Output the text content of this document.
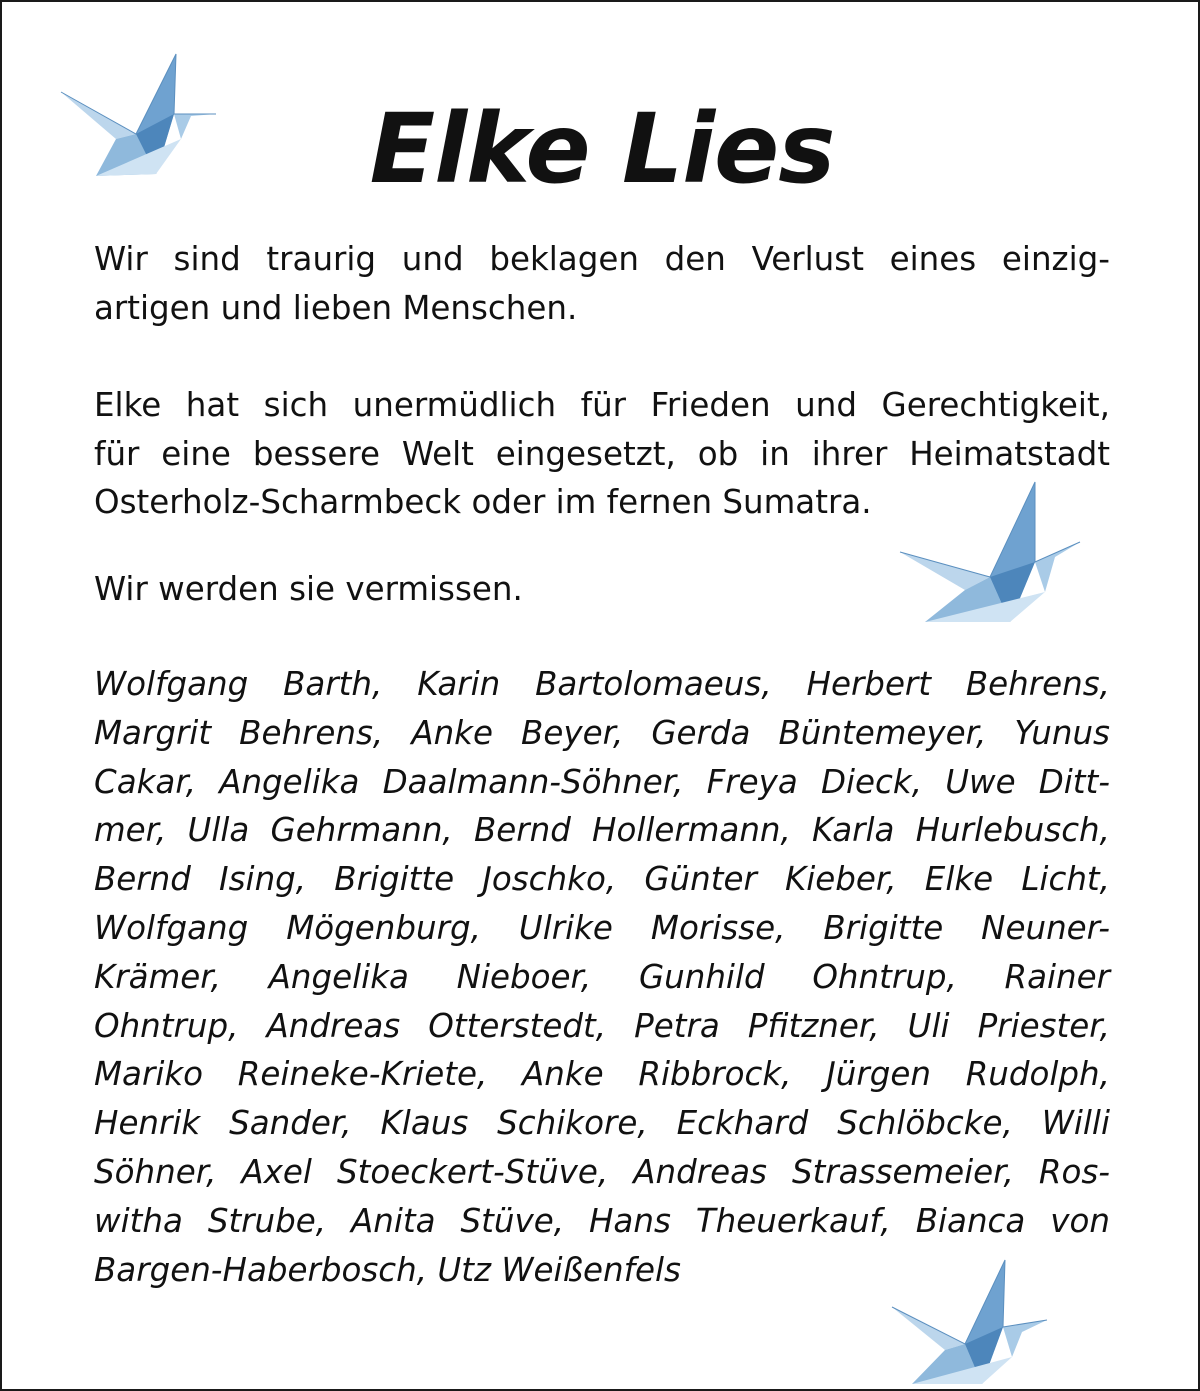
Elke Lies
Wir sind traurig und beklagen den Verlust eines einzig-
artigen und lieben Menschen.
Elke hat sich unermüdlich für Frieden und Gerechtigkeit,
für eine bessere Welt eingesetzt, ob in ihrer Heimatstadt
Osterholz-Scharmbeck oder im fernen Sumatra.
Wir werden sie vermissen.
Wolfgang Barth, Karin Bartolomaeus, Herbert Behrens,
Margrit Behrens, Anke Beyer, Gerda Büntemeyer, Yunus
Cakar, Angelika Daalmann-Söhner, Freya Dieck, Uwe Ditt-
mer, Ulla Gehrmann, Bernd Hollermann, Karla Hurlebusch,
Bernd Ising, Brigitte Joschko, Günter Kieber, Elke Licht,
Wolfgang Mögenburg, Ulrike Morisse, Brigitte Neuner-
Krämer, Angelika Nieboer, Gunhild Ohntrup, Rainer
Ohntrup, Andreas Otterstedt, Petra Pfitzner, Uli Priester,
Mariko Reineke-Kriete, Anke Ribbrock, Jürgen Rudolph,
Henrik Sander, Klaus Schikore, Eckhard Schlöbcke, Willi
Söhner, Axel Stoeckert-Stüve, Andreas Strassemeier, Ros-
witha Strube, Anita Stüve, Hans Theuerkauf, Bianca von
Bargen-Haberbosch, Utz Weißenfels
